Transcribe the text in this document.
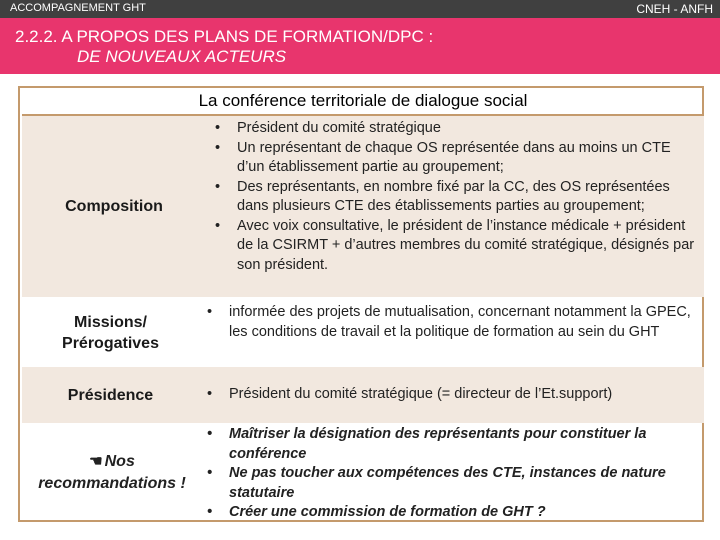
ACCOMPAGNEMENT GHT	CNEH - ANFH
2.2.2. A PROPOS DES PLANS DE FORMATION/DPC :
DE NOUVEAUX ACTEURS
La conférence territoriale de dialogue social
Composition
• Président du comité stratégique
• Un représentant de chaque OS représentée dans au moins un CTE d’un établissement partie au groupement;
• Des représentants, en nombre fixé par la CC, des OS représentées dans plusieurs CTE des établissements parties au groupement;
• Avec voix consultative, le président de l’instance médicale + président de la CSIRMT + d’autres membres du comité stratégique, désignés par son président.
Missions/
Prérogatives
• informée des projets de mutualisation, concernant notamment la GPEC, les conditions de travail et la politique de formation au sein du GHT
Présidence
•	Président du comité stratégique (= directeur de l’Et.support)
☚ Nos
recommandations !
• Maîtriser la désignation des représentants pour constituer la conférence
• Ne pas toucher aux compétences des CTE, instances de nature statutaire
• Créer une commission de formation de GHT ?
